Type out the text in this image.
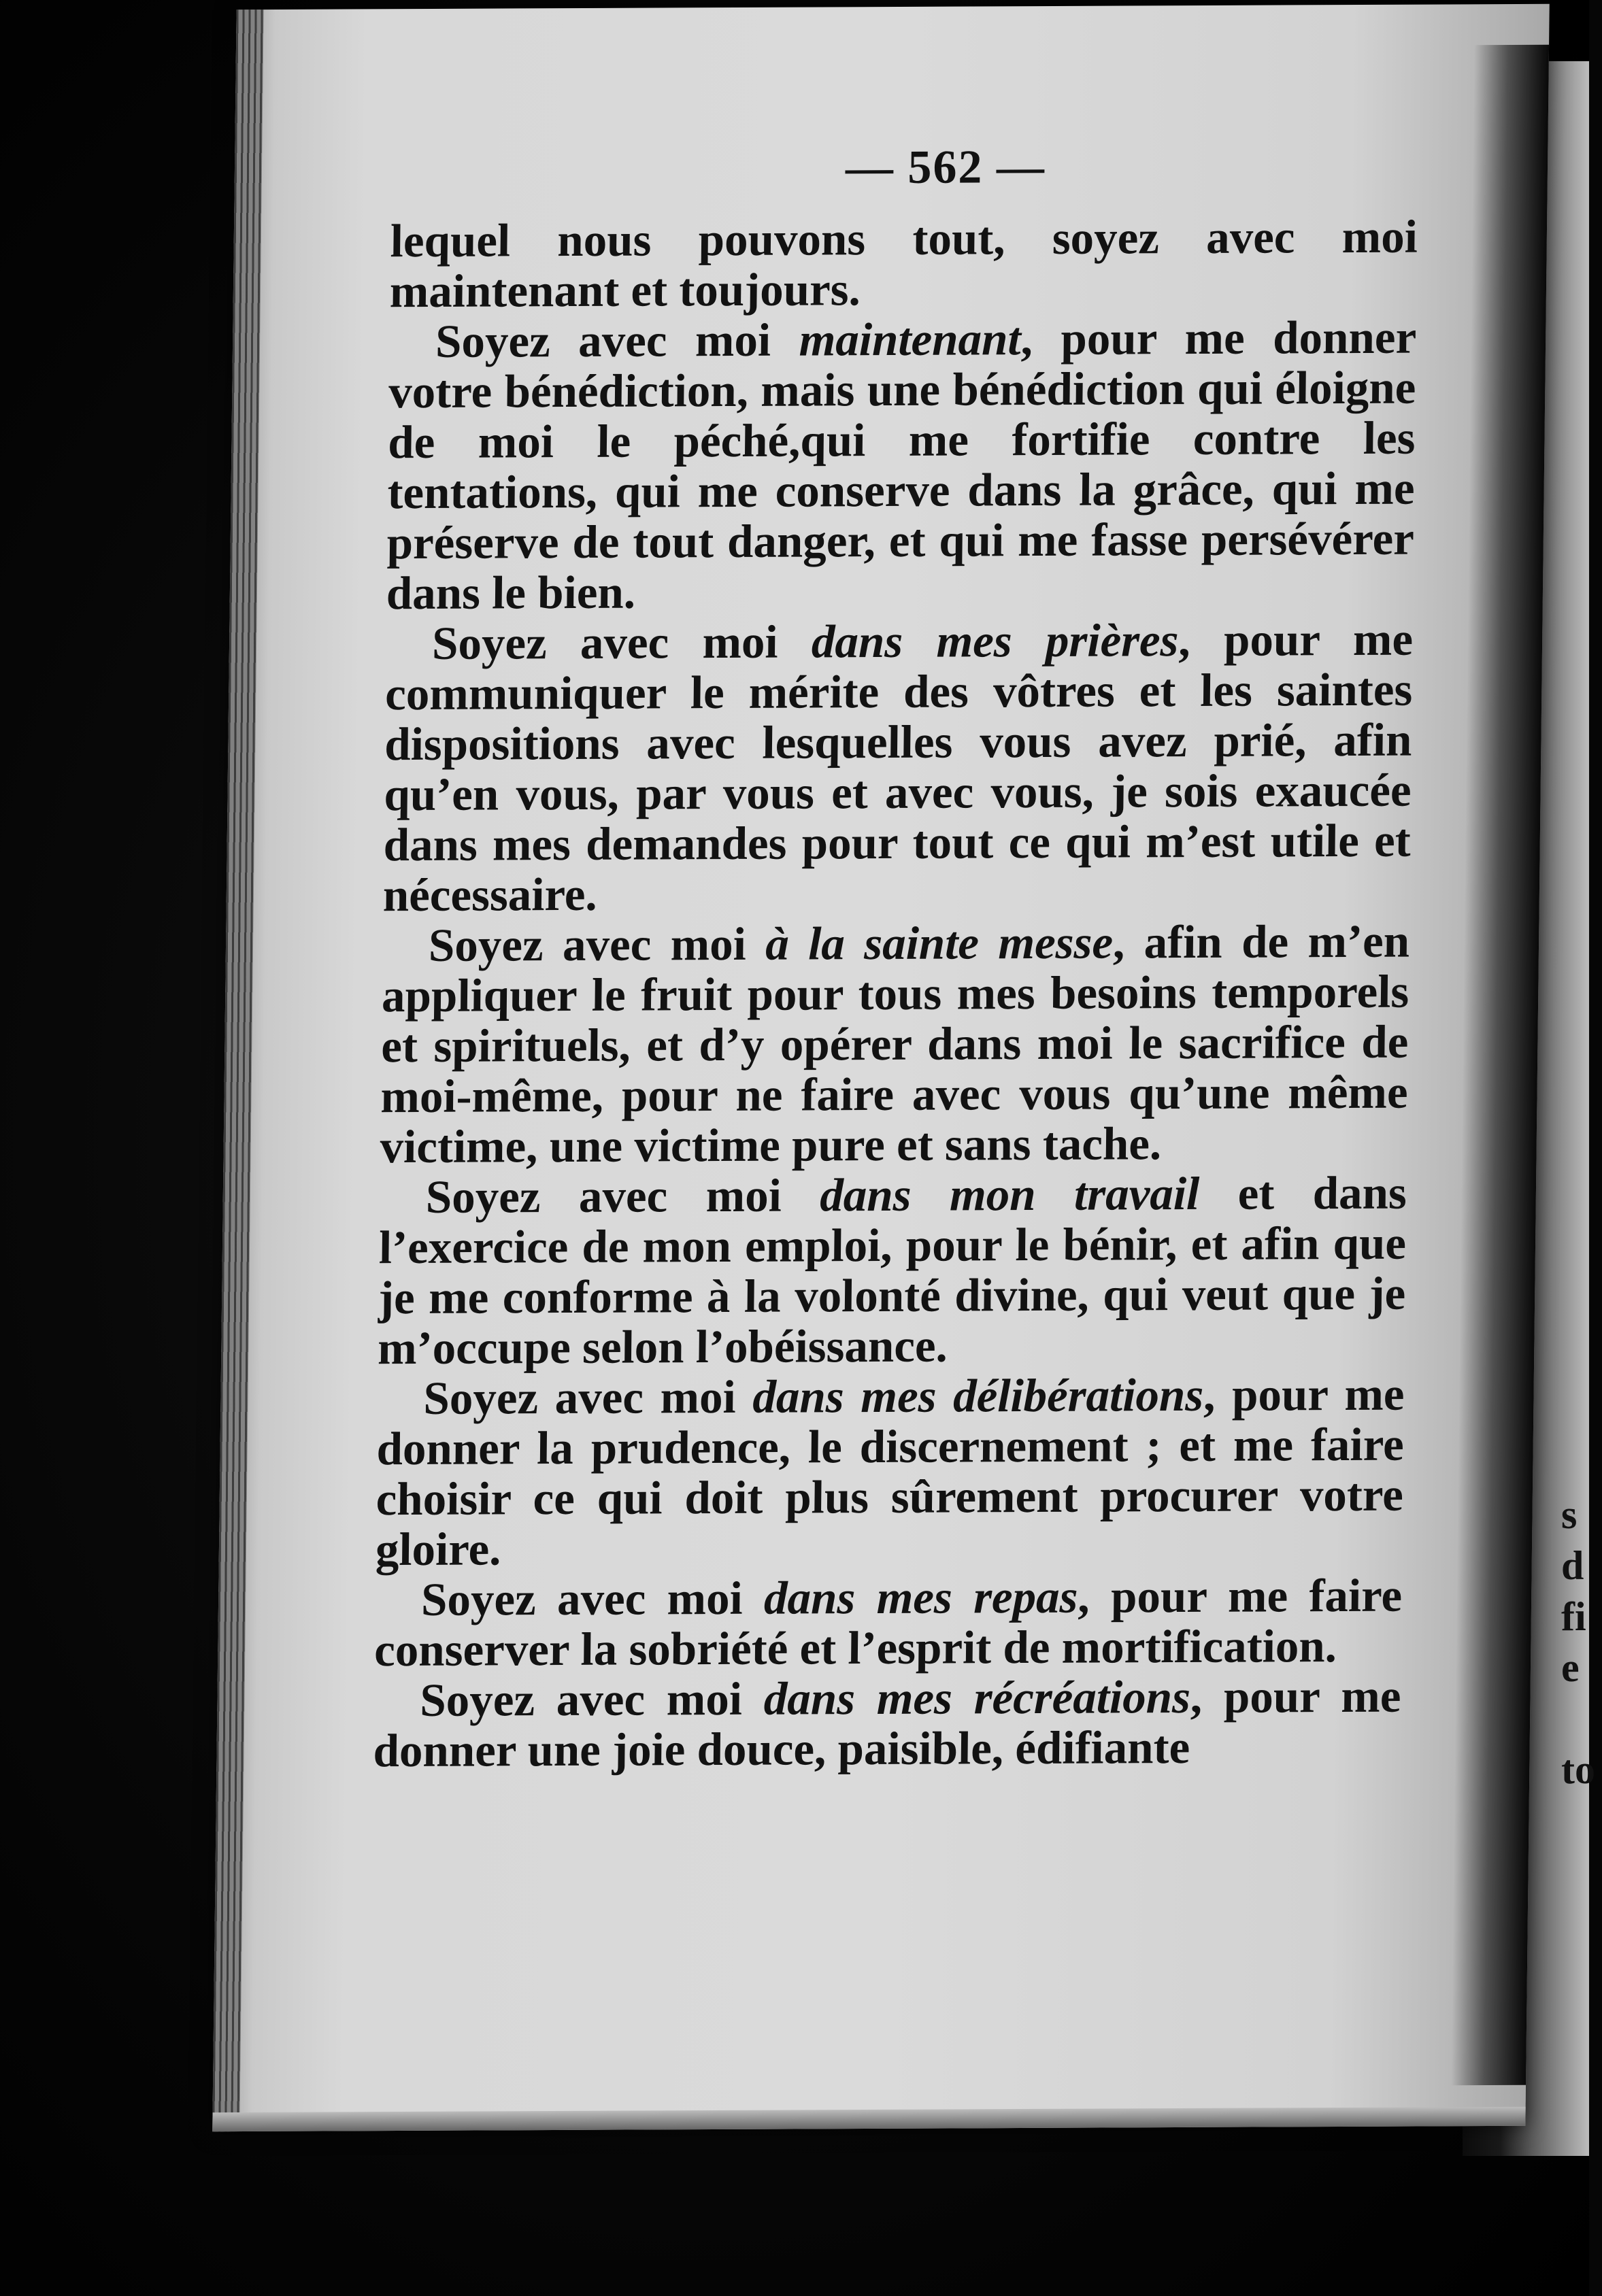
s
d
fi
e

to
— 562 —

lequel nous pouvons tout, soyez avec moi maintenant et toujours.

Soyez avec moi maintenant, pour me donner votre bénédiction, mais une bénédiction qui éloigne de moi le péché,qui me fortifie contre les tentations, qui me conserve dans la grâce, qui me préserve de tout danger, et qui me fasse persévérer dans le bien.

Soyez avec moi dans mes prières, pour me communiquer le mérite des vôtres et les saintes dispositions avec lesquelles vous avez prié, afin qu’en vous, par vous et avec vous, je sois exaucée dans mes demandes pour tout ce qui m’est utile et nécessaire.

Soyez avec moi à la sainte messe, afin de m’en appliquer le fruit pour tous mes besoins temporels et spirituels, et d’y opérer dans moi le sacrifice de moi-même, pour ne faire avec vous qu’une même victime, une victime pure et sans tache.

Soyez avec moi dans mon travail et dans l’exercice de mon emploi, pour le bénir, et afin que je me conforme à la volonté divine, qui veut que je m’occupe selon l’obéissance.

Soyez avec moi dans mes délibérations, pour me donner la prudence, le discernement ; et me faire choisir ce qui doit plus sûrement procurer votre gloire.

Soyez avec moi dans mes repas, pour me faire conserver la sobriété et l’esprit de mortification.

Soyez avec moi dans mes récréations, pour me donner une joie douce, paisible, édifiante
